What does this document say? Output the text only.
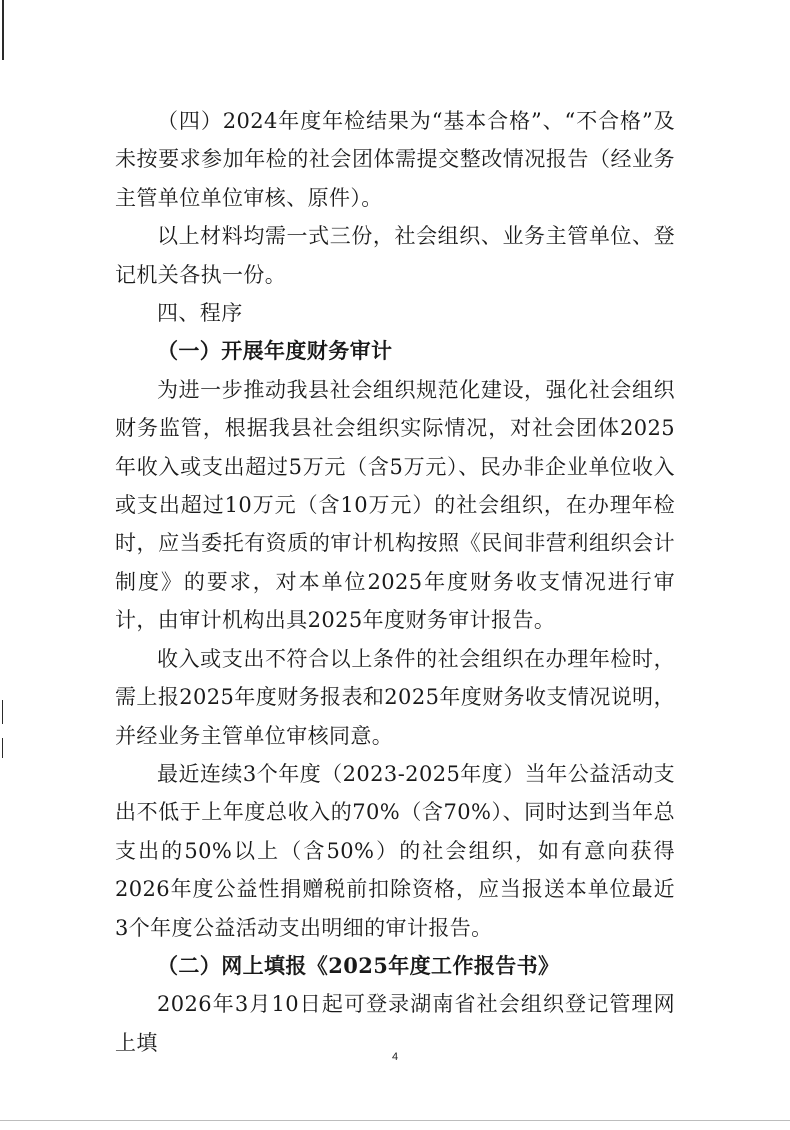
（四）2024年度年检结果为“基本合格”、“不合格”及未按要求参加年检的社会团体需提交整改情况报告（经业务主管单位单位审核、原件）。

以上材料均需一式三份，社会组织、业务主管单位、登记机关各执一份。

四、程序

（一）开展年度财务审计

为进一步推动我县社会组织规范化建设，强化社会组织财务监管，根据我县社会组织实际情况，对社会团体2025年收入或支出超过5万元（含5万元）、民办非企业单位收入或支出超过10万元（含10万元）的社会组织，在办理年检时，应当委托有资质的审计机构按照《民间非营利组织会计制度》的要求，对本单位2025年度财务收支情况进行审计，由审计机构出具2025年度财务审计报告。

收入或支出不符合以上条件的社会组织在办理年检时，需上报2025年度财务报表和2025年度财务收支情况说明，并经业务主管单位审核同意。

最近连续3个年度（2023-2025年度）当年公益活动支出不低于上年度总收入的70%（含70%）、同时达到当年总支出的50%以上（含50%）的社会组织，如有意向获得2026年度公益性捐赠税前扣除资格，应当报送本单位最近3个年度公益活动支出明细的审计报告。

（二）网上填报《2025年度工作报告书》

2026年3月10日起可登录湖南省社会组织登记管理网上填

4
